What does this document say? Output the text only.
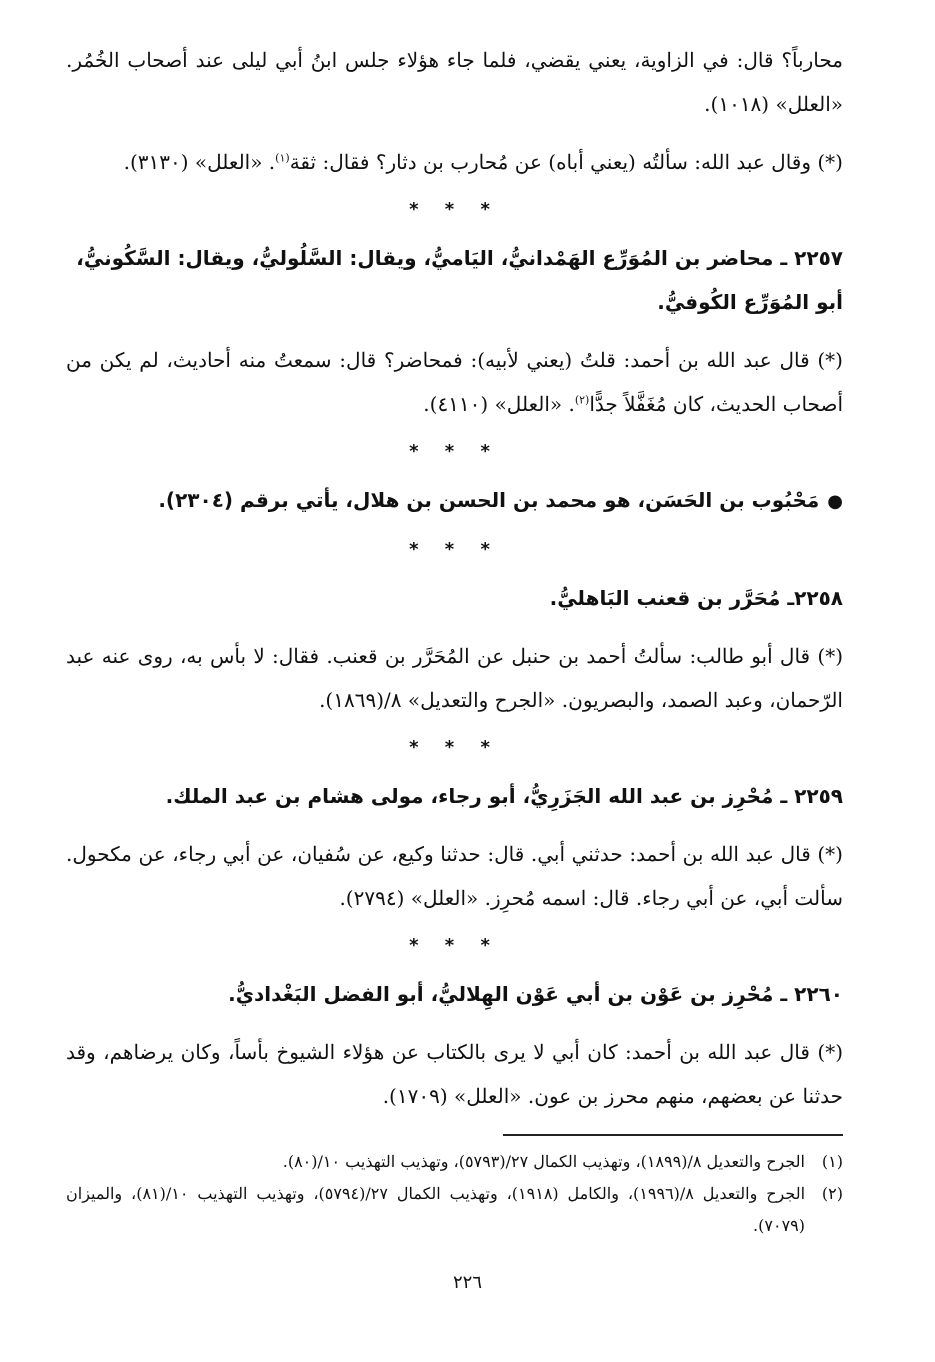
محارباً؟ قال: في الزاوية، يعني يقضي، فلما جاء هؤلاء جلس ابنُ أبي ليلى عند أصحاب الخُمُر. «العلل» (١٠١٨).

(*) وقال عبد الله: سألتُه (يعني أباه) عن مُحارب بن دثار؟ فقال: ثقة$^{(١)}$. «العلل» (٣١٣٠).

* * *

٢٢٥٧ ـ محاضر بن المُوَرِّع الهَمْدانيُّ، اليَاميُّ، ويقال: السَّلُوليُّ، ويقال: السَّكُونيُّ، أبو المُوَرِّع الكُوفيُّ.

(*) قال عبد الله بن أحمد: قلتُ (يعني لأبيه): فمحاضر؟ قال: سمعتُ منه أحاديث، لم يكن من أصحاب الحديث، كان مُغَفَّلاً جدًّا$^{(٢)}$. «العلل» (٤١١٠).

* * *

●مَحْبُوب بن الحَسَن، هو محمد بن الحسن بن هلال، يأتي برقم (٢٣٠٤).

* * *

٢٢٥٨ـ مُحَرَّر بن قعنب البَاهليُّ.

(*) قال أبو طالب: سألتُ أحمد بن حنبل عن المُحَرَّر بن قعنب. فقال: لا بأس به، روى عنه عبد الرّحمان، وعبد الصمد، والبصريون. «الجرح والتعديل» ٨/(١٨٦٩).

* * *

٢٢٥٩ ـ مُحْرِز بن عبد الله الجَزَرِيُّ، أبو رجاء، مولى هشام بن عبد الملك.

(*) قال عبد الله بن أحمد: حدثني أبي. قال: حدثنا وكيع، عن سُفيان، عن أبي رجاء، عن مكحول. سألت أبي، عن أبي رجاء. قال: اسمه مُحرِز. «العلل» (٢٧٩٤).

* * *

٢٢٦٠ ـ مُحْرِز بن عَوْن بن أبي عَوْن الهِلاليُّ، أبو الفضل البَغْداديُّ.

(*) قال عبد الله بن أحمد: كان أبي لا يرى بالكتاب عن هؤلاء الشيوخ بأساً، وكان يرضاهم، وقد حدثنا عن بعضهم، منهم محرز بن عون. «العلل» (١٧٠٩).

(١)
الجرح والتعديل ٨/(١٨٩٩)، وتهذيب الكمال ٢٧/(٥٧٩٣)، وتهذيب التهذيب ١٠/(٨٠).
(٢)
الجرح والتعديل ٨/(١٩٩٦)، والكامل (١٩١٨)، وتهذيب الكمال ٢٧/(٥٧٩٤)، وتهذيب التهذيب ١٠/(٨١)، والميزان (٧٠٧٩).
٢٢٦
